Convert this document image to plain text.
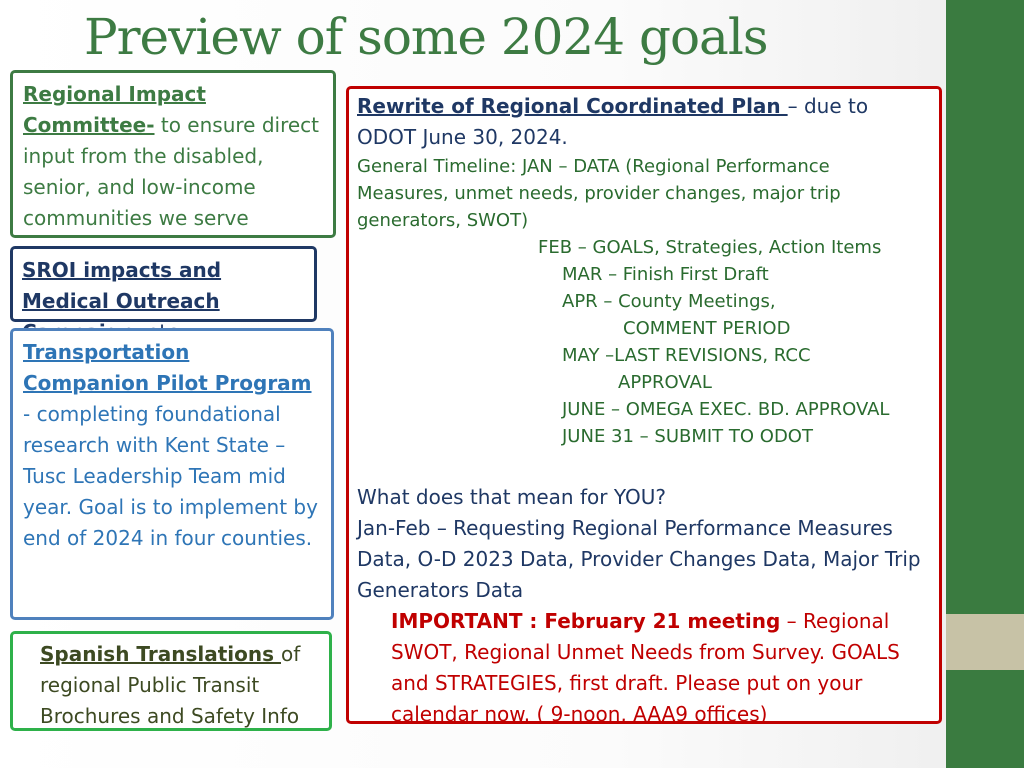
Preview of some 2024 goals
Regional Impact Committee- to ensure direct input from the disabled, senior, and low-income communities we serve
SROI impacts and Medical Outreach
Transportation Companion Pilot Program - completing foundational research with Kent State –
Tusc Leadership Team mid year. Goal is to implement by end of 2024 in four counties.
Spanish Translations of regional Public Transit Brochures and Safety Info
Rewrite of Regional Coordinated Plan – due to ODOT June 30, 2024.
General Timeline: JAN – DATA (Regional Performance
Measures, unmet needs, provider changes, major trip
generators, SWOT)
FEB – GOALS, Strategies, Action Items
MAR – Finish First Draft
APR – County Meetings,
COMMENT PERIOD
MAY –LAST REVISIONS, RCC
APPROVAL
JUNE – OMEGA EXEC. BD. APPROVAL
JUNE 31 – SUBMIT TO ODOT
What does that mean for YOU?
Jan-Feb – Requesting Regional Performance Measures Data, O-D 2023 Data, Provider Changes Data, Major Trip Generators Data
IMPORTANT : February 21 meeting – Regional SWOT, Regional Unmet Needs from Survey. GOALS and STRATEGIES, first draft. Please put on your calendar now. ( 9-noon, AAA9 offices)
